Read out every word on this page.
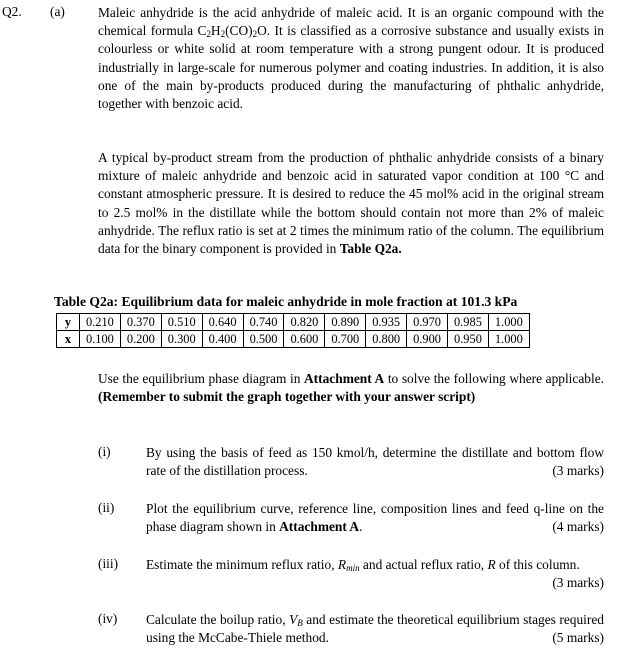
Q2. (a) Maleic anhydride is the acid anhydride of maleic acid. It is an organic compound with the chemical formula $C_2H_2(CO)_2O$. It is classified as a corrosive substance and usually exists in colourless or white solid at room temperature with a strong pungent odour. It is produced industrially in large-scale for numerous polymer and coating industries. In addition, it is also one of the main by-products produced during the manufacturing of phthalic anhydride, together with benzoic acid.
A typical by-product stream from the production of phthalic anhydride consists of a binary mixture of maleic anhydride and benzoic acid in saturated vapor condition at 100 °C and constant atmospheric pressure. It is desired to reduce the 45 mol% acid in the original stream to 2.5 mol% in the distillate while the bottom should contain not more than 2% of maleic anhydride. The reflux ratio is set at 2 times the minimum ratio of the column. The equilibrium data for the binary component is provided in Table Q2a.
Table Q2a: Equilibrium data for maleic anhydride in mole fraction at 101.3 kPa
y	0.210	0.370	0.510	0.640	0.740	0.820	0.890	0.935	0.970	0.985	1.000
x	0.100	0.200	0.300	0.400	0.500	0.600	0.700	0.800	0.900	0.950	1.000
Use the equilibrium phase diagram in Attachment A to solve the following where applicable. (Remember to submit the graph together with your answer script)
(i)	By using the basis of feed as 150 kmol/h, determine the distillate and bottom flow rate of the distillation process.	(3 marks)
(ii)	Plot the equilibrium curve, reference line, composition lines and feed q-line on the phase diagram shown in Attachment A.	(4 marks)
(iii)	Estimate the minimum reflux ratio, $R_{min}$ and actual reflux ratio, R of this column.
(3 marks)
(iv)	Calculate the boilup ratio, $V_B$ and estimate the theoretical equilibrium stages required using the McCabe-Thiele method.	(5 marks)
